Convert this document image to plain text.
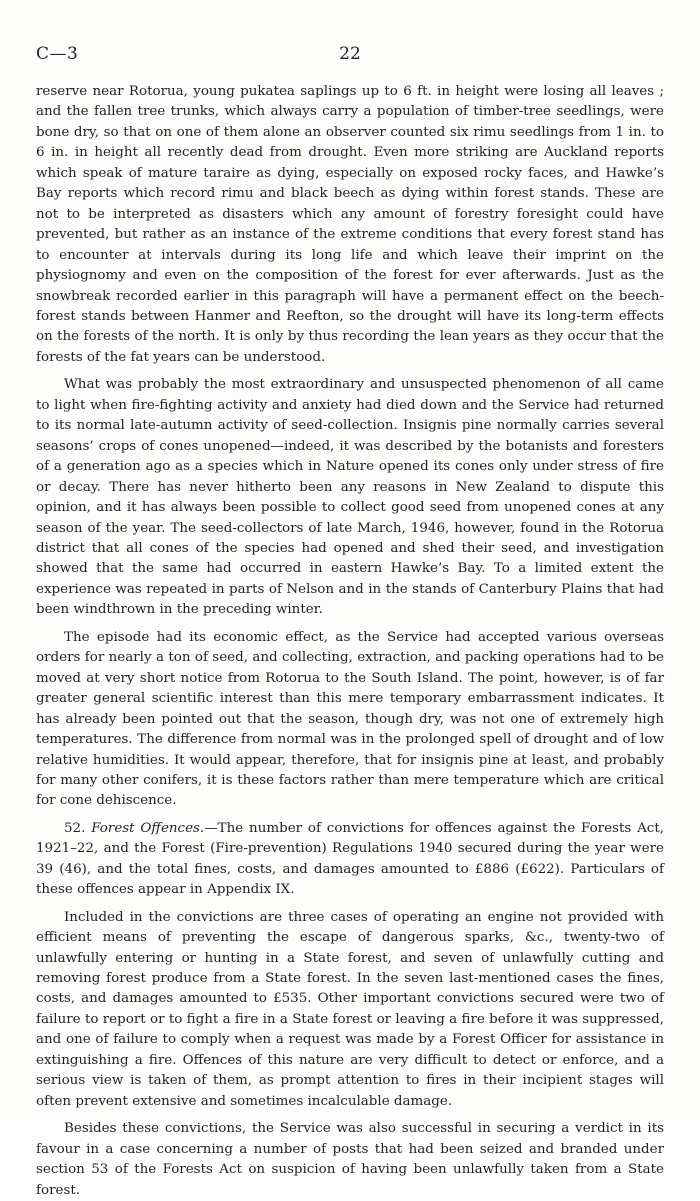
C—3	22

reserve near Rotorua, young pukatea saplings up to 6 ft. in height were losing all leaves ; and the fallen tree trunks, which always carry a population of timber-tree seedlings, were bone dry, so that on one of them alone an observer counted six rimu seedlings from 1 in. to 6 in. in height all recently dead from drought. Even more striking are Auckland reports which speak of mature taraire as dying, especially on exposed rocky faces, and Hawke’s Bay reports which record rimu and black beech as dying within forest stands. These are not to be interpreted as disasters which any amount of forestry foresight could have prevented, but rather as an instance of the extreme conditions that every forest stand has to encounter at intervals during its long life and which leave their imprint on the physiognomy and even on the composition of the forest for ever afterwards. Just as the snowbreak recorded earlier in this paragraph will have a permanent effect on the beech-forest stands between Hanmer and Reefton, so the drought will have its long-term effects on the forests of the north. It is only by thus recording the lean years as they occur that the forests of the fat years can be understood.

What was probably the most extraordinary and unsuspected phenomenon of all came to light when fire-fighting activity and anxiety had died down and the Service had returned to its normal late-autumn activity of seed-collection. Insignis pine normally carries several seasons’ crops of cones unopened—indeed, it was described by the botanists and foresters of a generation ago as a species which in Nature opened its cones only under stress of fire or decay. There has never hitherto been any reasons in New Zealand to dispute this opinion, and it has always been possible to collect good seed from unopened cones at any season of the year. The seed-collectors of late March, 1946, however, found in the Rotorua district that all cones of the species had opened and shed their seed, and investigation showed that the same had occurred in eastern Hawke’s Bay. To a limited extent the experience was repeated in parts of Nelson and in the stands of Canterbury Plains that had been windthrown in the preceding winter.

The episode had its economic effect, as the Service had accepted various overseas orders for nearly a ton of seed, and collecting, extraction, and packing operations had to be moved at very short notice from Rotorua to the South Island. The point, however, is of far greater general scientific interest than this mere temporary embarrassment indicates. It has already been pointed out that the season, though dry, was not one of extremely high temperatures. The difference from normal was in the prolonged spell of drought and of low relative humidities. It would appear, therefore, that for insignis pine at least, and probably for many other conifers, it is these factors rather than mere temperature which are critical for cone dehiscence.

52. Forest Offences.—The number of convictions for offences against the Forests Act, 1921–22, and the Forest (Fire-prevention) Regulations 1940 secured during the year were 39 (46), and the total fines, costs, and damages amounted to £886 (£622). Particulars of these offences appear in Appendix IX.

Included in the convictions are three cases of operating an engine not provided with efficient means of preventing the escape of dangerous sparks, &c., twenty-two of unlawfully entering or hunting in a State forest, and seven of unlawfully cutting and removing forest produce from a State forest. In the seven last-mentioned cases the fines, costs, and damages amounted to £535. Other important convictions secured were two of failure to report or to fight a fire in a State forest or leaving a fire before it was suppressed, and one of failure to comply when a request was made by a Forest Officer for assistance in extinguishing a fire. Offences of this nature are very difficult to detect or enforce, and a serious view is taken of them, as prompt attention to fires in their incipient stages will often prevent extensive and sometimes incalculable damage.

Besides these convictions, the Service was also successful in securing a verdict in its favour in a case concerning a number of posts that had been seized and branded under section 53 of the Forests Act on suspicion of having been unlawfully taken from a State forest.
